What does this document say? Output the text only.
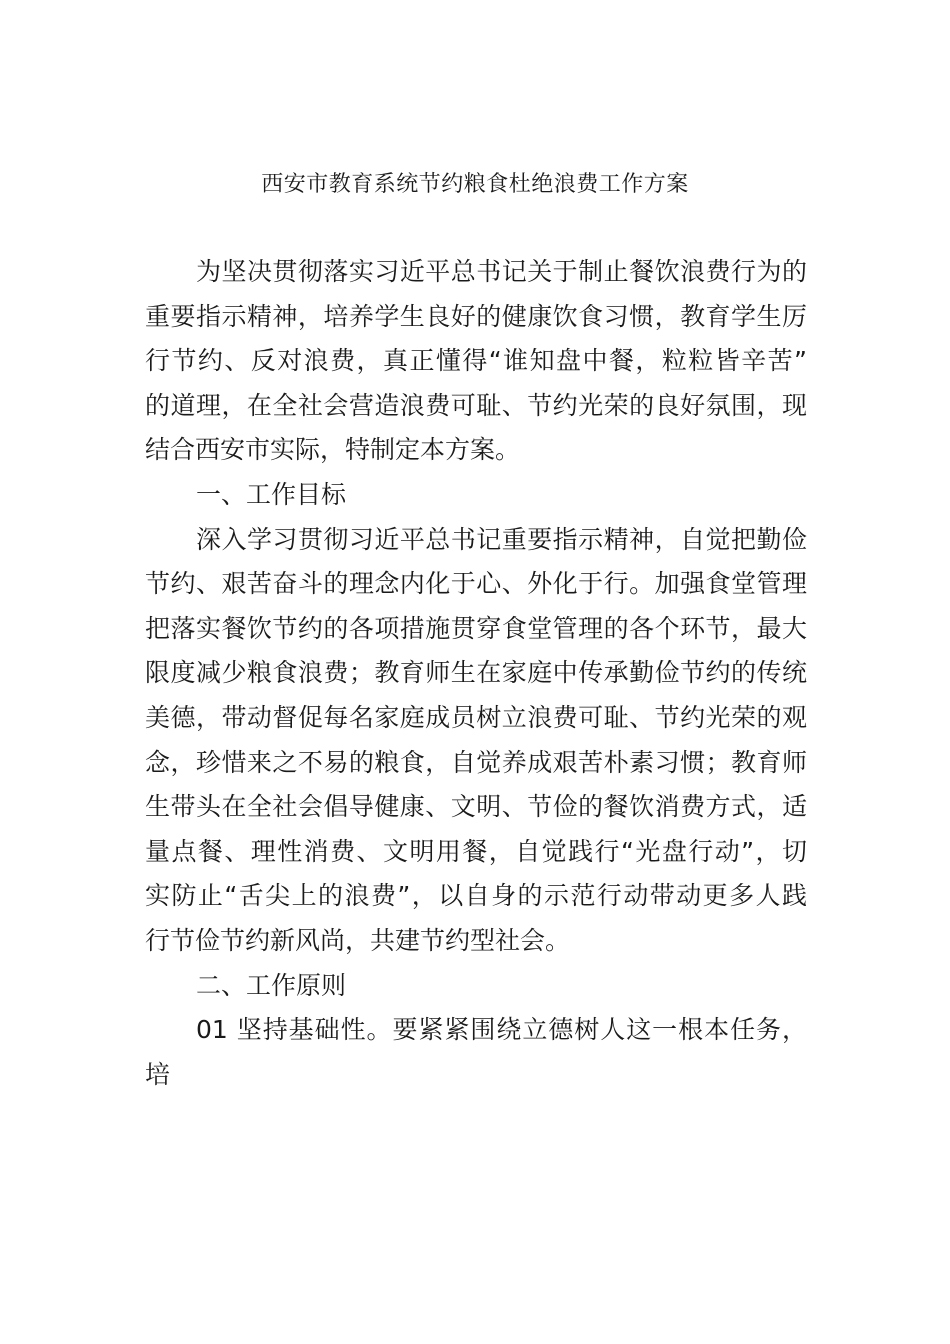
西安市教育系统节约粮食杜绝浪费工作方案
为坚决贯彻落实习近平总书记关于制止餐饮浪费行为的
重要指示精神，培养学生良好的健康饮食习惯，教育学生厉
行节约、反对浪费，真正懂得“谁知盘中餐，粒粒皆辛苦”
的道理，在全社会营造浪费可耻、节约光荣的良好氛围，现
结合西安市实际，特制定本方案。
一、工作目标
深入学习贯彻习近平总书记重要指示精神，自觉把勤俭
节约、艰苦奋斗的理念内化于心、外化于行。加强食堂管理
把落实餐饮节约的各项措施贯穿食堂管理的各个环节，最大
限度减少粮食浪费；教育师生在家庭中传承勤俭节约的传统
美德，带动督促每名家庭成员树立浪费可耻、节约光荣的观
念，珍惜来之不易的粮食，自觉养成艰苦朴素习惯；教育师
生带头在全社会倡导健康、文明、节俭的餐饮消费方式，适
量点餐、理性消费、文明用餐，自觉践行“光盘行动”，切
实防止“舌尖上的浪费”，以自身的示范行动带动更多人践
行节俭节约新风尚，共建节约型社会。
二、工作原则
01 坚持基础性。要紧紧围绕立德树人这一根本任务，
培
